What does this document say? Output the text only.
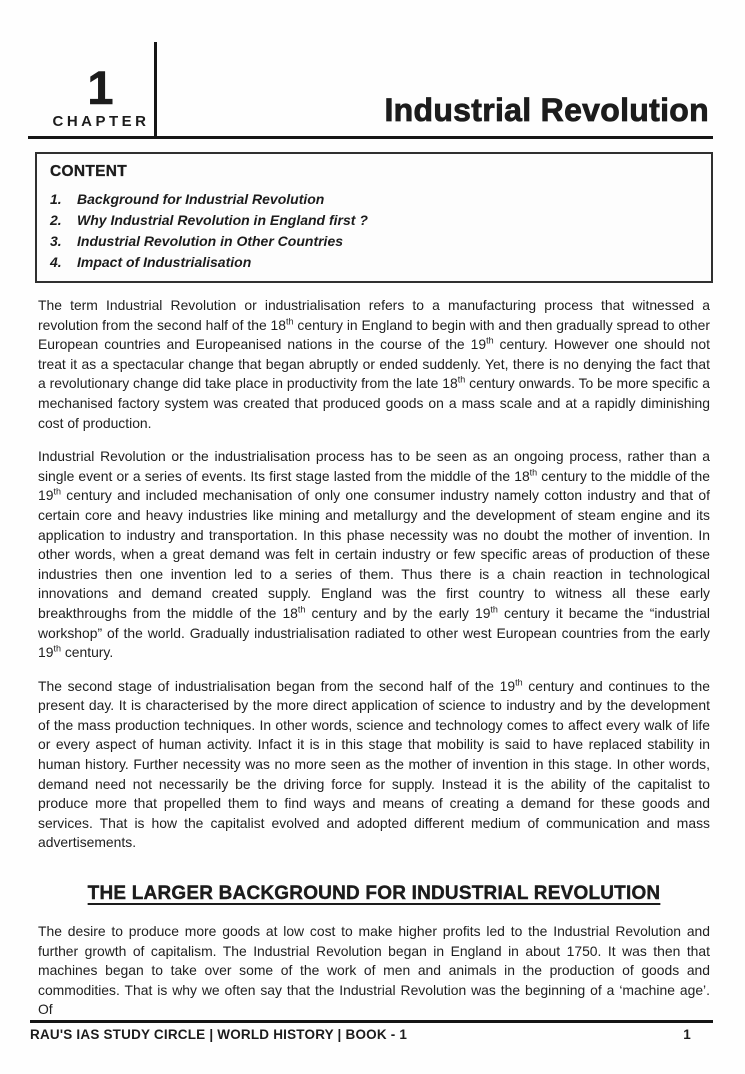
1
CHAPTER	Industrial Revolution
CONTENT
1.	Background for Industrial Revolution
2.	Why Industrial Revolution in England first ?
3.	Industrial Revolution in Other Countries
4.	Impact of Industrialisation

The term Industrial Revolution or industrialisation refers to a manufacturing process that witnessed a revolution from the second half of the 18th century in England to begin with and then gradually spread to other European countries and Europeanised nations in the course of the 19th century. However one should not treat it as a spectacular change that began abruptly or ended suddenly. Yet, there is no denying the fact that a revolutionary change did take place in productivity from the late 18th century onwards. To be more specific a mechanised factory system was created that produced goods on a mass scale and at a rapidly diminishing cost of production.

Industrial Revolution or the industrialisation process has to be seen as an ongoing process, rather than a single event or a series of events. Its first stage lasted from the middle of the 18th century to the middle of the 19th century and included mechanisation of only one consumer industry namely cotton industry and that of certain core and heavy industries like mining and metallurgy and the development of steam engine and its application to industry and transportation. In this phase necessity was no doubt the mother of invention. In other words, when a great demand was felt in certain industry or few specific areas of production of these industries then one invention led to a series of them. Thus there is a chain reaction in technological innovations and demand created supply. England was the first country to witness all these early breakthroughs from the middle of the 18th century and by the early 19th century it became the “industrial workshop” of the world. Gradually industrialisation radiated to other west European countries from the early 19th century.

The second stage of industrialisation began from the second half of the 19th century and continues to the present day. It is characterised by the more direct application of science to industry and by the development of the mass production techniques. In other words, science and technology comes to affect every walk of life or every aspect of human activity. Infact it is in this stage that mobility is said to have replaced stability in human history. Further necessity was no more seen as the mother of invention in this stage. In other words, demand need not necessarily be the driving force for supply. Instead it is the ability of the capitalist to produce more that propelled them to find ways and means of creating a demand for these goods and services. That is how the capitalist evolved and adopted different medium of communication and mass advertisements.

THE LARGER BACKGROUND FOR INDUSTRIAL REVOLUTION

The desire to produce more goods at low cost to make higher profits led to the Industrial Revolution and further growth of capitalism. The Industrial Revolution began in England in about 1750. It was then that machines began to take over some of the work of men and animals in the production of goods and commodities. That is why we often say that the Industrial Revolution was the beginning of a ‘machine age’. Of

RAU'S IAS STUDY CIRCLE | WORLD HISTORY | BOOK - 1	1
